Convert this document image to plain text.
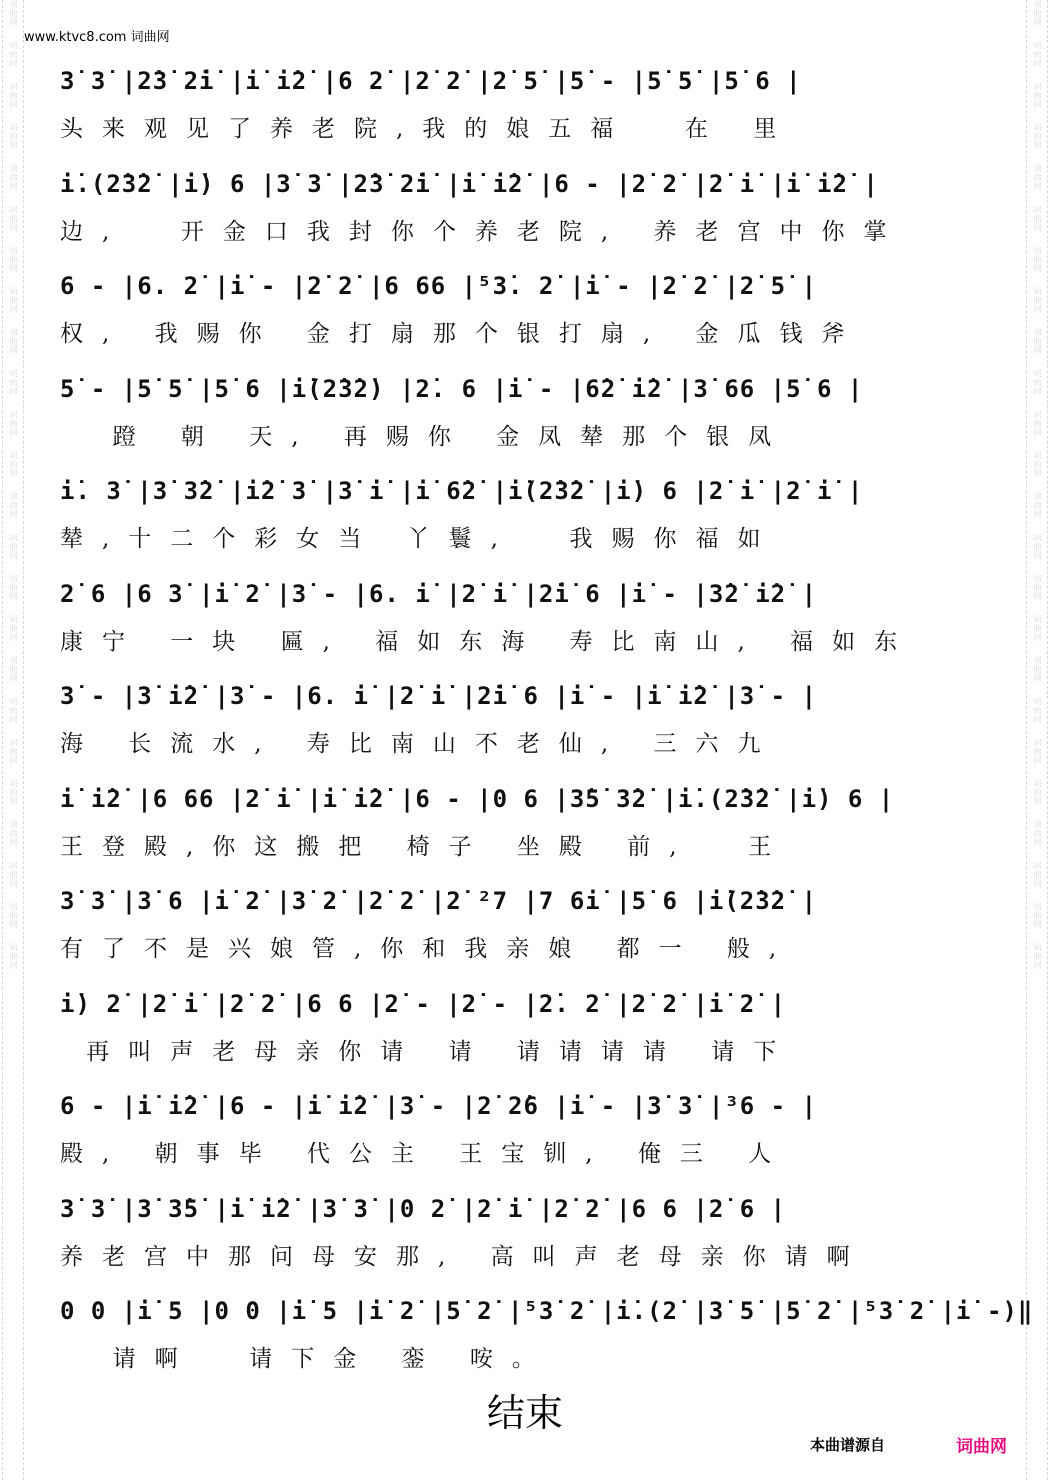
词曲网
词曲网
词曲网
词曲网
词曲网
词曲网
词曲网
词曲网
词曲网
词曲网
词曲网
词曲网
词曲网
词曲网
词曲网
词曲网
词曲网
词曲网
词曲网
词曲网
词曲网
词曲网
词曲网
词曲网
词曲网
词曲网
词曲网
词曲网
词曲网
词曲网
词曲网
词曲网
词曲网
词曲网
词曲网
词曲网
词曲网
词曲网
词曲网
词曲网
词曲网
词曲网
词曲网
词曲网
词曲网
词曲网
词曲网
词曲网
www.ktvc8.com 词曲网
3̇ 3̇ |2̇3̇ 2̇i̇ |i̇ i̇2̇ |6 2̇ |2̇ 2̇ |2̇ 5̇ |5̇ - |5̇ 5̇ |5̇ 6 |
头来观见了养老院,我的娘五福  在 里
i̇.(2̇3̇2̇ |i̇) 6 |3̇ 3̇ |2̇3̇ 2̇i̇ |i̇ i̇2̇ |6 - |2̇ 2̇ |2̇ i̇ |i̇ i̇2̇ |
边,  开金口我封你个养老院, 养老宫中你掌
6 - |6. 2̇ |i̇ - |2̇ 2̇ |6 66 |⁵3̇. 2̇ |i̇ - |2̇ 2̇ |2̇ 5̇ |
权, 我赐你 金打扇那个银打扇, 金瓜钱斧
5̇ - |5̇ 5̇ |5̇ 6 |i̇(2̇3̇2̇) |2̇. 6 |i̇ - |6̇2̇ i̇2̇ |3̇ 66 |5̇ 6 |
蹬 朝 天, 再赐你 金凤辇那个银凤
i̇. 3̇ |3̇ 3̇2̇ |i̇2̇ 3̇ |3̇ i̇ |i̇ 6̇2̇ |i̇(2̇3̇2̇ |i̇) 6 |2̇ i̇ |2̇ i̇ |
辇,十二个彩女当 丫鬟,  我赐你福如
2̇ 6 |6 3̇ |i̇ 2̇ |3̇ - |6. i̇ |2̇ i̇ |2̇i̇ 6 |i̇ - |3̇2̇ i̇2̇ |
康宁 一块 匾, 福如东海 寿比南山, 福如东
3̇ - |3̇ i̇2̇ |3̇ - |6. i̇ |2̇ i̇ |2̇i̇ 6 |i̇ - |i̇ i̇2̇ |3̇ - |
海 长流水, 寿比南山不老仙, 三六九
i̇ i̇2̇ |6 66 |2̇ i̇ |i̇ i̇2̇ |6 - |0 6 |3̇5̇ 3̇2̇ |i̇.(2̇3̇2̇ |i̇) 6 |
王登殿,你这搬把 椅子 坐殿 前,  王
3̇ 3̇ |3̇ 6 |i̇ 2̇ |3̇ 2̇ |2̇ 2̇ |2̇ ²7 |7 6i̇ |5̇ 6 |i̇(2̇3̇2̇ |
有了不是兴娘管,你和我亲娘 都一 般,
i̇) 2̇ |2̇ i̇ |2̇ 2̇ |6 6 |2̇ - |2̇ - |2̇. 2̇ |2̇ 2̇ |i̇ 2̇ |
再叫声老母亲你请 请 请请请请 请下
6 - |i̇ i̇2̇ |6 - |i̇ i̇2̇ |3̇ - |2̇ 2̇6 |i̇ - |3̇ 3̇ |³6 - |
殿, 朝事毕 代公主 王宝钏, 俺三 人
3̇ 3̇ |3̇ 3̇5̇ |i̇ i̇2̇ |3̇ 3̇ |0 2̇ |2̇ i̇ |2̇ 2̇ |6 6 |2̇ 6 |
养老宫中那问母安那, 高叫声老母亲你请啊
0 0 |i̇ 5 |0 0 |i̇ 5 |i̇ 2̇ |5̇ 2̇ |⁵3̇ 2̇ |i̇.(2̇ |3̇ 5̇ |5̇ 2̇ |⁵3̇ 2̇ |i̇ -)‖
请啊  请下金 銮 咹。
结束
本曲谱源自	词曲网
